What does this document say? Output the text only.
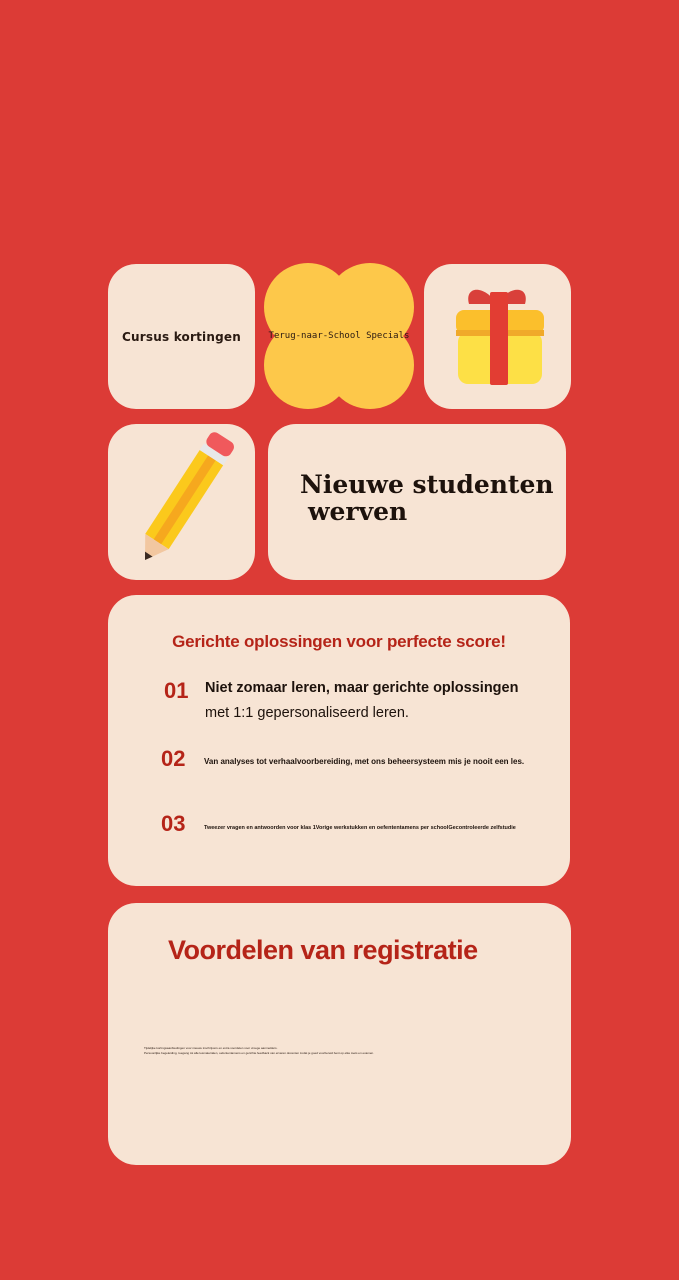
Cursus kortingen	Terug-naar-School Specials
Nieuwe studenten
werven
Gerichte oplossingen voor perfecte score!
01 Niet zomaar leren, maar gerichte oplossingen
met 1:1 gepersonaliseerd leren.
02 Van analyses tot verhaalvoorbereiding, met ons beheersysteem mis je nooit een les.
03	Tweezer vragen en antwoorden voor klas 1Vorige werkstukken en oefententamens per schoolGecontroleerde zelfstudie
Voordelen van registratie
Tijdelijke kortingsaanbiedingen voor nieuwe inschrijvers en extra voordelen voor vroege aanmelders.
Persoonlijke begeleiding, toegang tot alle lesmaterialen, oefententamens en gerichte feedback van ervaren docenten zodat je goed voorbereid bent op elke toets en examen.
